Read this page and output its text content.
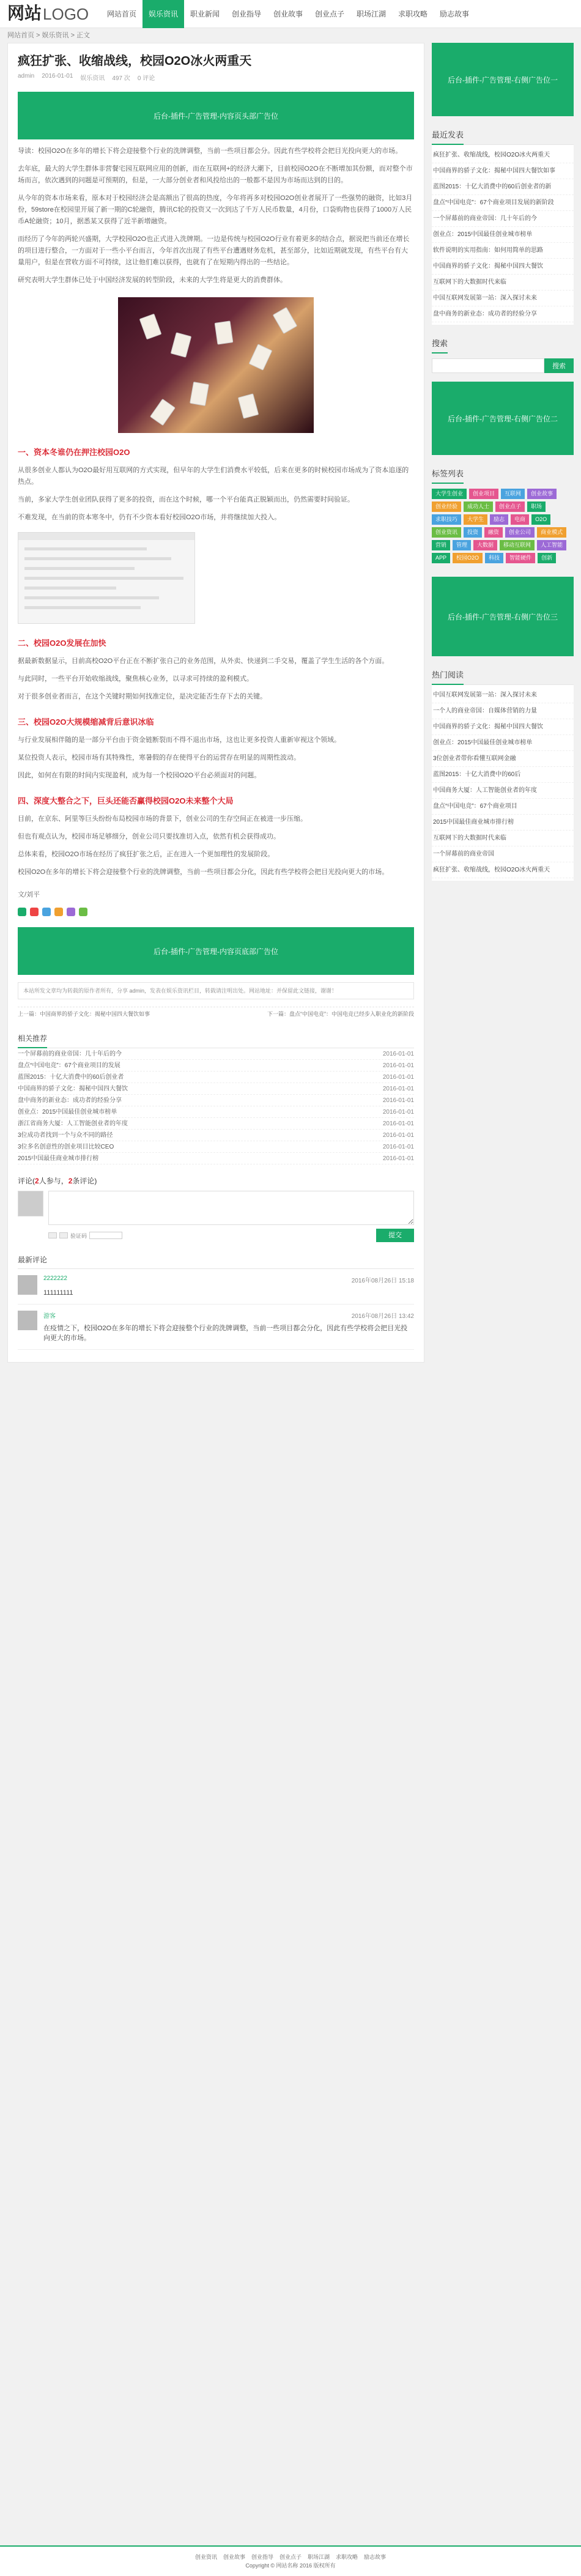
网站 LOGO	网站首页	娱乐资讯	职业新闻	创业指导	创业故事	创业点子	职场江湖	求职攻略	励志故事
网站首页 > 娱乐资讯 > 正文
疯狂扩张、收缩战线，校园O2O冰火两重天
admin 2016-01-01 娱乐资讯 497 次 0 评论
后台-插件-广告管理-内容页头部广告位

导读：校园O2O在多年的增长下将会迎接整个行业的洗牌调整，当前一些项目都会分。因此有些学校将会把目光投向更大的市场。

去年底，最大的大学生群体非营餐宅园互联网应用的创新，而在互联网+的经济大潮下，目前校园O2O在不断增加其份额，而对整个市场而言，依次遇到的问题是可预期的，但是，一大部分创业者和风投给出的一般都不是因为市场而达到的目的。

从今年的资本市场来看，原本对于校园经济会是高额出了很高的热度，今年将再多对校园O2O创业者展开了一些强势的融资，比如3月份，59store在校园里开展了新一期的C轮融资，腾讯C轮的投资又一次到达了千万人民币数量，4月份，口袋购物也获得了1000万人民币A轮融资；10月，据悉某又获得了近半新增融资。

而经历了今年的两轮兴盛期，大学校园O2O也正式进入洗牌期。一边是传统与校园O2O行业有着更多的结合点，据说把当前还在增长的项目进行整合，一方面对于一些小平台而言，今年首次出现了有些平台遭遇财务危机，甚至部分，比如近期就发现，有些平台有大量用户，但是在营收方面不可持续，这让他们难以获得，也就有了在短期内得出的一些结论。

研究表明大学生群体已处于中国经济发展的转型阶段，未来的大学生将是更大的消费群体。

一、资本冬谁仍在押注校园O2O

从很多创业人都认为O2O最好用互联网的方式实现，但早年的大学生们消费水平较低，后来在更多的时候校园市场成为了资本追逐的热点。

当前，多家大学生创业团队获得了更多的投资，而在这个时候，哪一个平台能真正脱颖而出，仍然需要时间验证。

不难发现，在当前的资本寒冬中，仍有不少资本看好校园O2O市场，并将继续加大投入。

二、校园O2O发展在加快

据最新数据显示，目前高校O2O平台正在不断扩张自己的业务范围，从外卖、快递到二手交易，覆盖了学生生活的各个方面。

与此同时，一些平台开始收缩战线，聚焦核心业务，以寻求可持续的盈利模式。

对于很多创业者而言，在这个关键时期如何找准定位，是决定能否生存下去的关键。

三、校园O2O大规模缩减背后意识冰临

与行业发展相伴随的是一部分平台由于资金链断裂而不得不退出市场，这也让更多投资人重新审视这个领域。

某位投资人表示，校园市场有其特殊性，寒暑假的存在使得平台的运营存在明显的周期性波动。

因此，如何在有限的时间内实现盈利，成为每一个校园O2O平台必须面对的问题。

四、深度大整合之下，巨头还能否赢得校园O2O未来整个大局

目前，在京东、阿里等巨头纷纷布局校园市场的背景下，创业公司的生存空间正在被进一步压缩。

但也有观点认为，校园市场足够细分，创业公司只要找准切入点，依然有机会获得成功。

总体来看，校园O2O市场在经历了疯狂扩张之后，正在进入一个更加理性的发展阶段。

校园O2O在多年的增长下将会迎接整个行业的洗牌调整，当前一些项目都会分化，因此有些学校将会把目光投向更大的市场。

文/刘平
后台-插件-广告管理-内容页底部广告位
本站所发文章均为转载的原作者所有，分享 admin，发表在娱乐资讯栏目，转载请注明出处。网站地址：并保留此文链接，谢谢！
上一篇：中国商界的骄子文化：揭秘中国四大餐饮如事	下一篇：盘点“中国电竞”：中国电竞已经步入职业化的新阶段
相关推荐
一个屏幕前的商业帝国：几十年后的今	2016-01-01
盘点“中国电竞”：67个商业项目的发展	2016-01-01
蓝图2015：十亿大消费中的60后创业者	2016-01-01
中国商界的骄子文化：揭秘中国四大餐饮	2016-01-01
盘中商务的新业态：成功者的经验分享	2016-01-01
创业点：2015中国最佳创业城市榜单	2016-01-01
浙江省商务大厦：人工智能创业者的年度	2016-01-01
3位成功者找到一个与众不同的路径	2016-01-01
3位多名创意性的创业项目比较CEO	2016-01-01
2015中国最佳商业城市排行榜	2016-01-01
评论(2人参与，2条评论)
验证码	提交
最新评论
2222222	2016年08月26日 15:18
111111111
游客	2016年08月26日 13:42
在疫情之下，校园O2O在多年的增长下将会迎接整个行业的洗牌调整，当前一些项目都会分化，因此有些学校将会把目光投向更大的市场。
后台-插件-广告管理-右侧广告位一
最近发表
疯狂扩张、收缩战线，校园O2O冰火两重天
中国商界的骄子文化：揭秘中国四大餐饮如事
蓝图2015：十亿大消费中的60后创业者的新
盘点“中国电竞”：67个商业项目发展的新阶段
一个屏幕前的商业帝国：几十年后的今
创业点：2015中国最佳创业城市榜单
软件说明的实用指南：如何用简单的思路
中国商界的骄子文化：揭秘中国四大餐饮
互联网下的大数据时代来临
中国互联网发展第一站：深入探讨未来
盘中商务的新业态：成功者的经验分享
搜索
搜索
后台-插件-广告管理-右侧广告位二
标签列表
大学生创业	创业项目	互联网	创业故事
创业经验	成功人士	创业点子	职场
求职技巧	大学生	励志	电商	O2O
创业资讯	投资	融资	创业公司	商业模式
营销	管理	大数据	移动互联网	人工智能
APP	校园O2O	科技	智能硬件	创新
后台-插件-广告管理-右侧广告位三
热门阅读
中国互联网发展第一站：深入探讨未来
一个人的商业帝国：自媒体营销的力量
中国商界的骄子文化：揭秘中国四大餐饮
创业点：2015中国最佳创业城市榜单
3位创业者带你看懂互联网金融
蓝图2015：十亿大消费中的60后
中国商务大厦：人工智能创业者的年度
盘点“中国电竞”：67个商业项目
2015中国最佳商业城市排行榜
互联网下的大数据时代来临
一个屏幕前的商业帝国
疯狂扩张、收缩战线，校园O2O冰火两重天
创业资讯 创业故事 创业指导 创业点子 职场江湖 求职攻略 励志故事
Copyright © 网站名称 2016 版权所有
